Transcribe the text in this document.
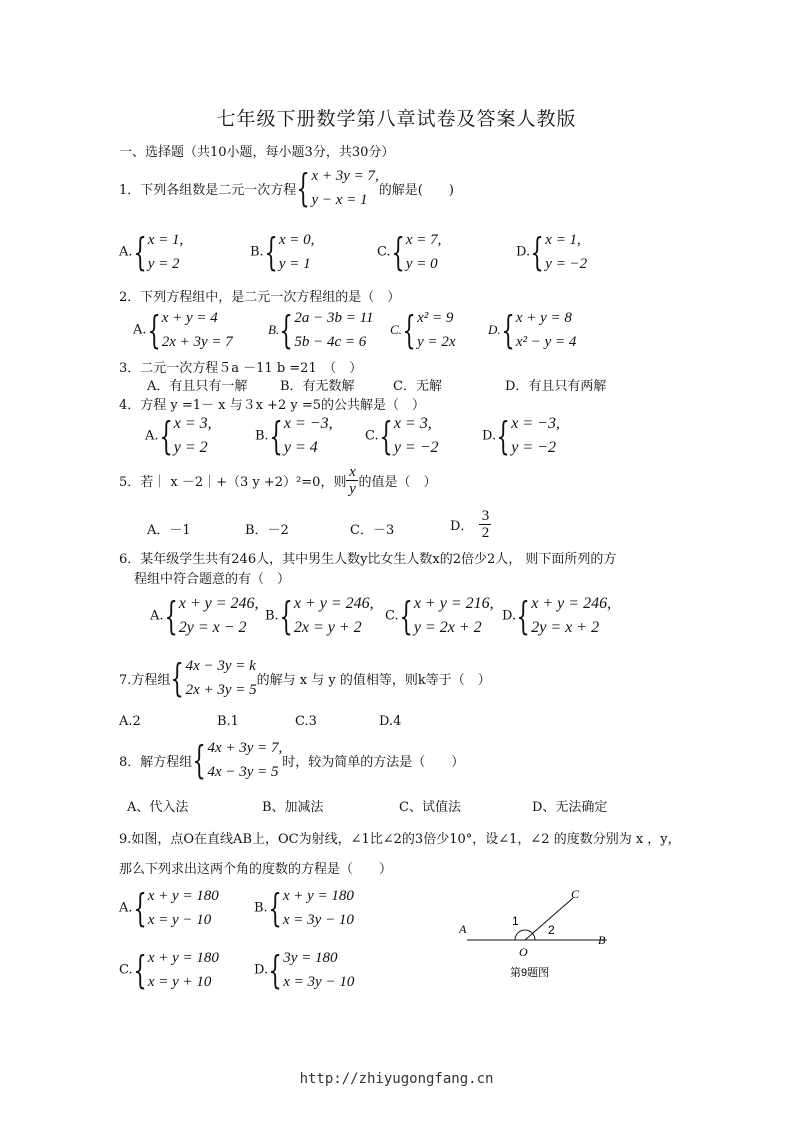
七年级下册数学第八章试卷及答案人教版
一、选择题（共10小题，每小题3分，共30分）
1．下列各组数是二元一次方程 { x + 3y = 7,
y − x = 1
的解是(　　)
A. { x = 1,
y = 2
B. { x = 0,
y = 1
C. { x = 7,
y = 0
D. { x = 1,
y = −2
2．下列方程组中，是二元一次方程组的是（　）
A. { x + y = 4
2x + 3y = 7
B. { 2a − 3b = 11
5b − 4c = 6
C. { x² = 9
y = 2x
D. { x + y = 8
x² − y = 4
3．二元一次方程５a －11 b =21　（　）
A．有且只有一解	B．有无数解	C．无解	D．有且只有两解
4．方程 y =1－ x 与３x +2 y =5的公共解是（　）
A. { x = 3,
y = 2
B. { x = −3,
y = 4
C. { x = 3,
y = −2
D. { x = −3,
y = −2
5．若｜ x －2｜+（3 y +2）²=0，则 $\frac{x}{y}$ 的值是（　）
A．－1	B．－2	C．－3	D． $\frac{3}{2}$
6．某年级学生共有246人，其中男生人数y比女生人数x的2倍少2人， 则下面所列的方
程组中符合题意的有（　）
A. { x + y = 246,
2y = x − 2
B. { x + y = 246,
2x = y + 2
C. { x + y = 216,
y = 2x + 2
D. { x + y = 246,
2y = x + 2
7.方程组 { 4x − 3y = k
2x + 3y = 5
的解与 x 与 y 的值相等，则k等于（　）
A.2	B.1	C.3	D.4
8．解方程组 { 4x + 3y = 7,
4x − 3y = 5
时，较为简单的方法是（　　）
A、代入法	B、加减法	C、试值法	D、无法确定
9.如图，点O在直线AB上，OC为射线，∠1比∠2的3倍少10°，设∠1，∠2 的度数分别为 x ，y，
那么下列求出这两个角的度数的方程是（　　）
A. { x + y = 180
x = y − 10
B. { x + y = 180
x = 3y − 10
C. { x + y = 180
x = y + 10
D. { 3y = 180
x = 3y − 10
A
B
C
O
1
2
第9题图
http://zhiyugongfang.cn
